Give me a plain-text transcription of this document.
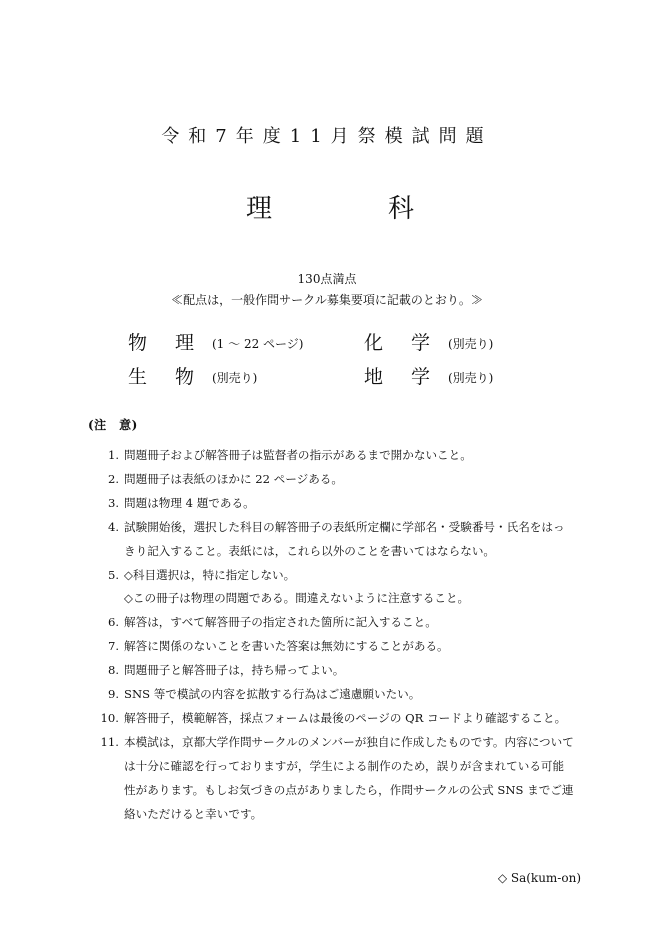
令和7年度11月祭模試問題
理	科
130点満点
≪配点は，一般作問サークル募集要項に記載のとおり。≫
物	理	(1 ～ 22 ページ)	化	学	(別売り)
生	物	(別売り)	地	学	(別売り)
(注　意)
1. 問題冊子および解答冊子は監督者の指示があるまで開かないこと。
2. 問題冊子は表紙のほかに 22 ページある。
3. 問題は物理 4 題である。
4. 試験開始後，選択した科目の解答冊子の表紙所定欄に学部名・受験番号・氏名をはっきり記入すること。表紙には，これら以外のことを書いてはならない。
5. ◇科目選択は，特に指定しない。
◇この冊子は物理の問題である。間違えないように注意すること。
6. 解答は，すべて解答冊子の指定された箇所に記入すること。
7. 解答に関係のないことを書いた答案は無効にすることがある。
8. 問題冊子と解答冊子は，持ち帰ってよい。
9. SNS 等で模試の内容を拡散する行為はご遠慮願いたい。
10. 解答冊子，模範解答，採点フォームは最後のページの QR コードより確認すること。
11. 本模試は，京都大学作問サークルのメンバーが独自に作成したものです。内容については十分に確認を行っておりますが，学生による制作のため，誤りが含まれている可能性があります。もしお気づきの点がありましたら，作問サークルの公式 SNS までご連絡いただけると幸いです。
◇ Sa(kum-on)
